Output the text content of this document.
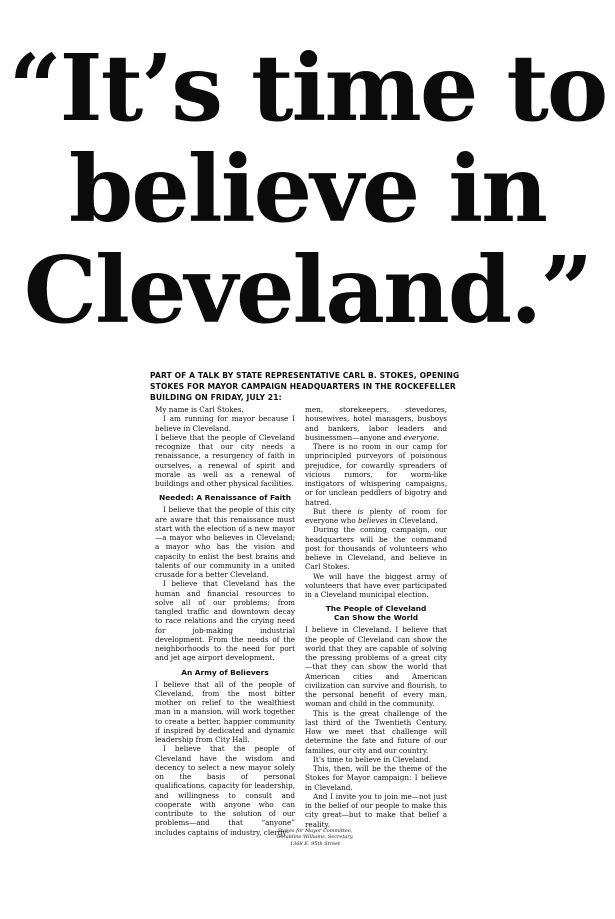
“It’s time to
believe in
Cleveland.”
PART OF A TALK BY STATE REPRESENTATIVE CARL B. STOKES, OPENING STOKES FOR MAYOR CAMPAIGN HEADQUARTERS IN THE ROCKEFELLER BUILDING ON FRIDAY, JULY 21:

My name is Carl Stokes.

I am running for mayor because I believe in Cleveland.

I believe that the people of Cleveland recognize that our city needs a renaissance, a resurgency of faith in ourselves, a renewal of spirit and morale as well as a renewal of buildings and other physical facilities.

Needed: A Renaissance of Faith

I believe that the people of this city are aware that this renaissance must start with the election of a new mayor —a mayor who believes in Cleveland; a mayor who has the vision and capacity to enlist the best brains and talents of our community in a united crusade for a better Cleveland.

I believe that Cleveland has the human and financial resources to solve all of our problems; from tangled traffic and downtown decay to race relations and the crying need for job-making industrial development. From the needs of the neighborhoods to the need for port and jet age airport development.

An Army of Believers

I believe that all of the people of Cleveland, from the most bitter mother on relief to the wealthiest man in a mansion, will work together to create a better, happier community if inspired by dedicated and dynamic leadership from City Hall.

I believe that the people of Cleveland have the wisdom and decency to select a new mayor solely on the basis of personal qualifications, capacity for leadership, and willingness to consult and cooperate with anyone who can contribute to the solution of our problems—and that “anyone” includes captains of industry, clergy-

men, storekeepers, stevedores, housewives, hotel managers, busboys and bankers, labor leaders and businessmen—anyone and everyone.

There is no room in our camp for unprincipled purveyors of poisonous prejudice, for cowardly spreaders of vicious rumors, for worm-like instigators of whispering campaigns, or for unclean peddlers of bigotry and hatred.

But there is plenty of room for everyone who believes in Cleveland.

During the coming campaign, our headquarters will be the command post for thousands of volunteers who believe in Cleveland, and believe in Carl Stokes.

We will have the biggest army of volunteers that have ever participated in a Cleveland municipal election.

The People of Cleveland
Can Show the World

I believe in Cleveland. I believe that the people of Cleveland can show the world that they are capable of solving the pressing problems of a great city —that they can show the world that American cities and American civilization can survive and flourish, to the personal benefit of every man, woman and child in the community.

This is the great challenge of the last third of the Twentieth Century. How we meet that challenge will determine the fate and future of our families, our city and our country.

It’s time to believe in Cleveland.

This, then, will be the theme of the Stokes for Mayor campaign: I believe in Cleveland.

And I invite you to join me—not just in the belief of our people to make this city great—but to make that belief a reality.

Stokes for Mayor Committee,
Geraldine Williams, Secretary,
1368 E. 95th Street
